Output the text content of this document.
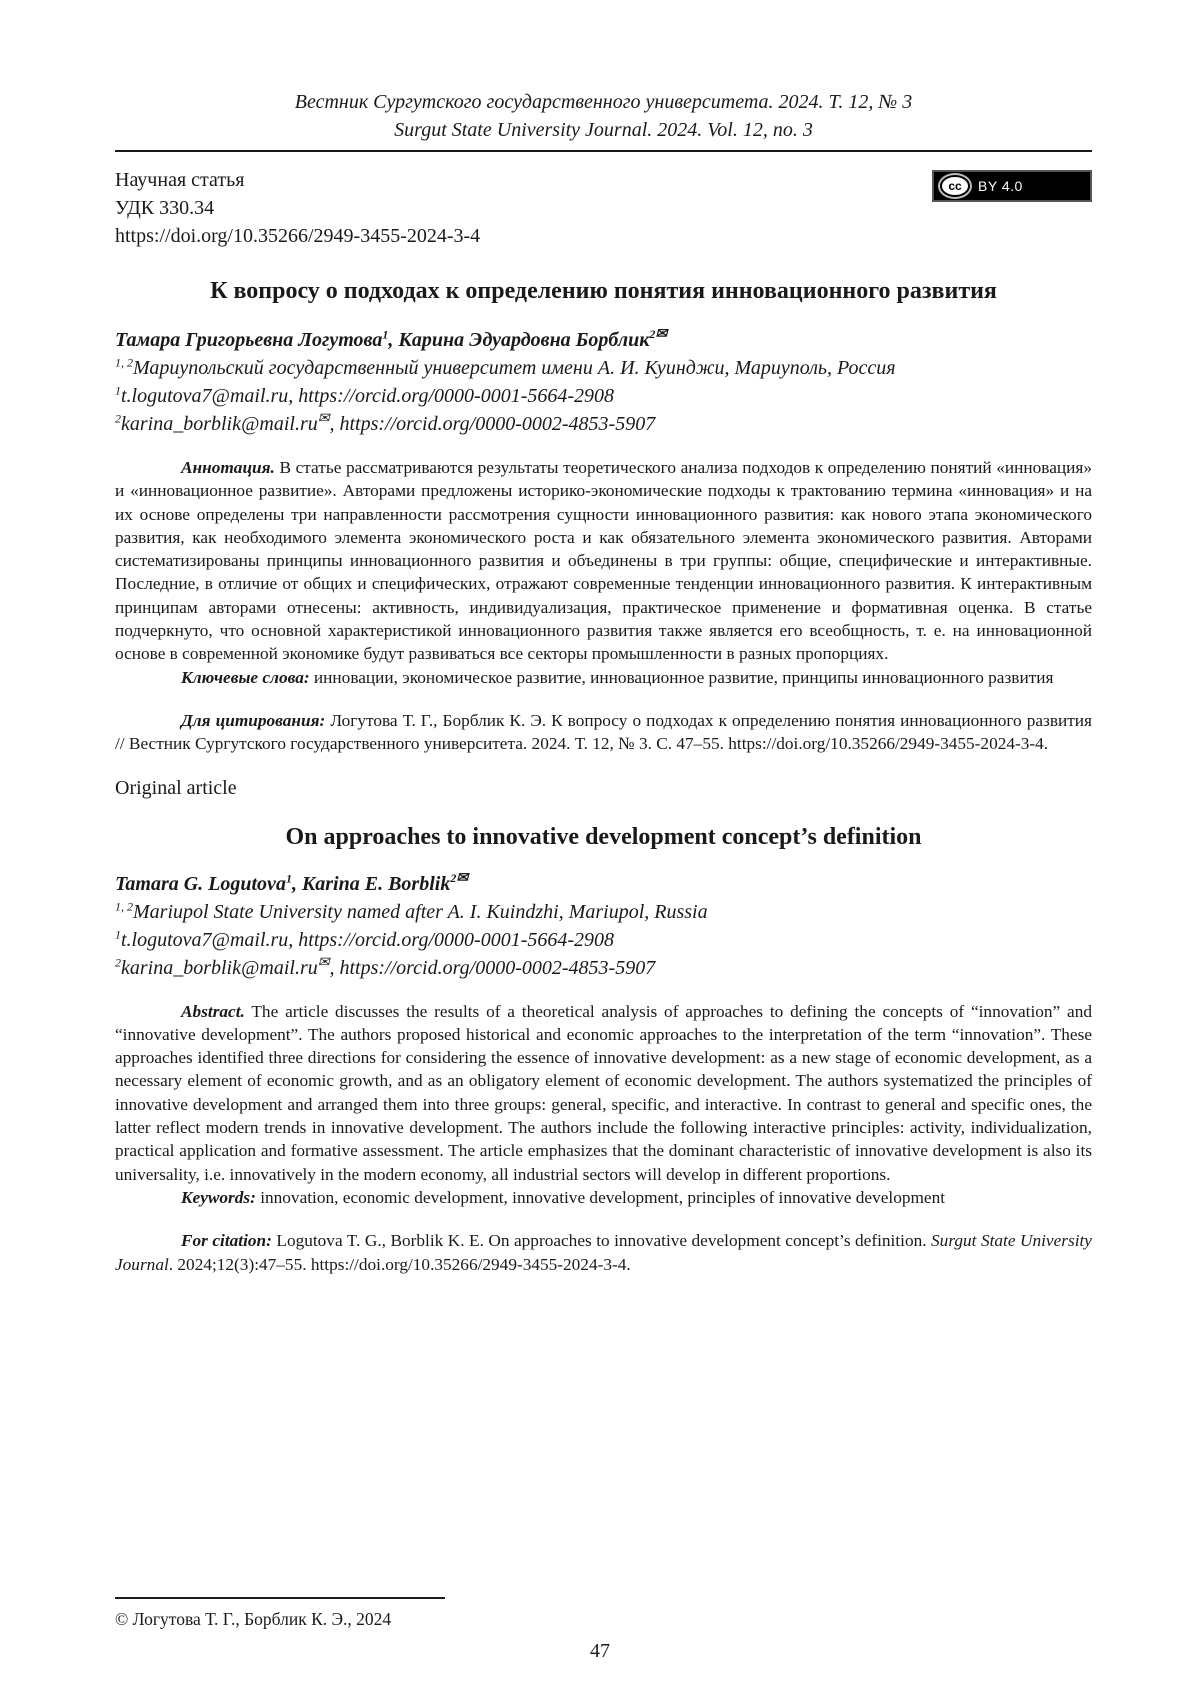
Вестник Сургутского государственного университета. 2024. Т. 12, № 3
Surgut State University Journal. 2024. Vol. 12, no. 3
Научная статья
УДК 330.34
https://doi.org/10.35266/2949-3455-2024-3-4
cc	BY 4.0
К вопросу о подходах к определению понятия инновационного развития
Тамара Григорьевна Логутова$^1$, Карина Эдуардовна Борблик$^{2✉}$
$^{1, 2}$Мариупольский государственный университет имени А. И. Куинджи, Мариуполь, Россия
$^1$t.logutova7@mail.ru, https://orcid.org/0000-0001-5664-2908
$^2$karina_borblik@mail.ru✉, https://orcid.org/0000-0002-4853-5907

Аннотация. В статье рассматриваются результаты теоретического анализа подходов к определению понятий «инновация» и «инновационное развитие». Авторами предложены историко-экономические подходы к трактованию термина «инновация» и на их основе определены три направленности рассмотрения сущности инновационного развития: как нового этапа экономического развития, как необходимого элемента экономического роста и как обязательного элемента экономического развития. Авторами систематизированы принципы инновационного развития и объединены в три группы: общие, специфические и интерактивные. Последние, в отличие от общих и специфических, отражают современные тенденции инновационного развития. К интерактивным принципам авторами отнесены: активность, индивидуализация, практическое применение и формативная оценка. В статье подчеркнуто, что основной характеристикой инновационного развития также является его всеобщность, т. е. на инновационной основе в современной экономике будут развиваться все секторы промышленности в разных пропорциях.

Ключевые слова: инновации, экономическое развитие, инновационное развитие, принципы инновационного развития

Для цитирования: Логутова Т. Г., Борблик К. Э. К вопросу о подходах к определению понятия инновационного развития // Вестник Сургутского государственного университета. 2024. Т. 12, № 3. С. 47–55. https://doi.org/10.35266/2949-3455-2024-3-4.

Original article
On approaches to innovative development concept’s definition
Tamara G. Logutova$^1$, Karina E. Borblik$^{2✉}$
$^{1, 2}$Mariupol State University named after A. I. Kuindzhi, Mariupol, Russia
$^1$t.logutova7@mail.ru, https://orcid.org/0000-0001-5664-2908
$^2$karina_borblik@mail.ru✉, https://orcid.org/0000-0002-4853-5907

Abstract. The article discusses the results of a theoretical analysis of approaches to defining the concepts of “innovation” and “innovative development”. The authors proposed historical and economic approaches to the interpretation of the term “innovation”. These approaches identified three directions for considering the essence of innovative development: as a new stage of economic development, as a necessary element of economic growth, and as an obligatory element of economic development. The authors systematized the principles of innovative development and arranged them into three groups: general, specific, and interactive. In contrast to general and specific ones, the latter reflect modern trends in innovative development. The authors include the following interactive principles: activity, individualization, practical application and formative assessment. The article emphasizes that the dominant characteristic of innovative development is also its universality, i.e. innovatively in the modern economy, all industrial sectors will develop in different proportions.

Keywords: innovation, economic development, innovative development, principles of innovative development

For citation: Logutova T. G., Borblik K. E. On approaches to innovative development concept’s definition. Surgut State University Journal. 2024;12(3):47–55. https://doi.org/10.35266/2949-3455-2024-3-4.

© Логутова Т. Г., Борблик К. Э., 2024
47
